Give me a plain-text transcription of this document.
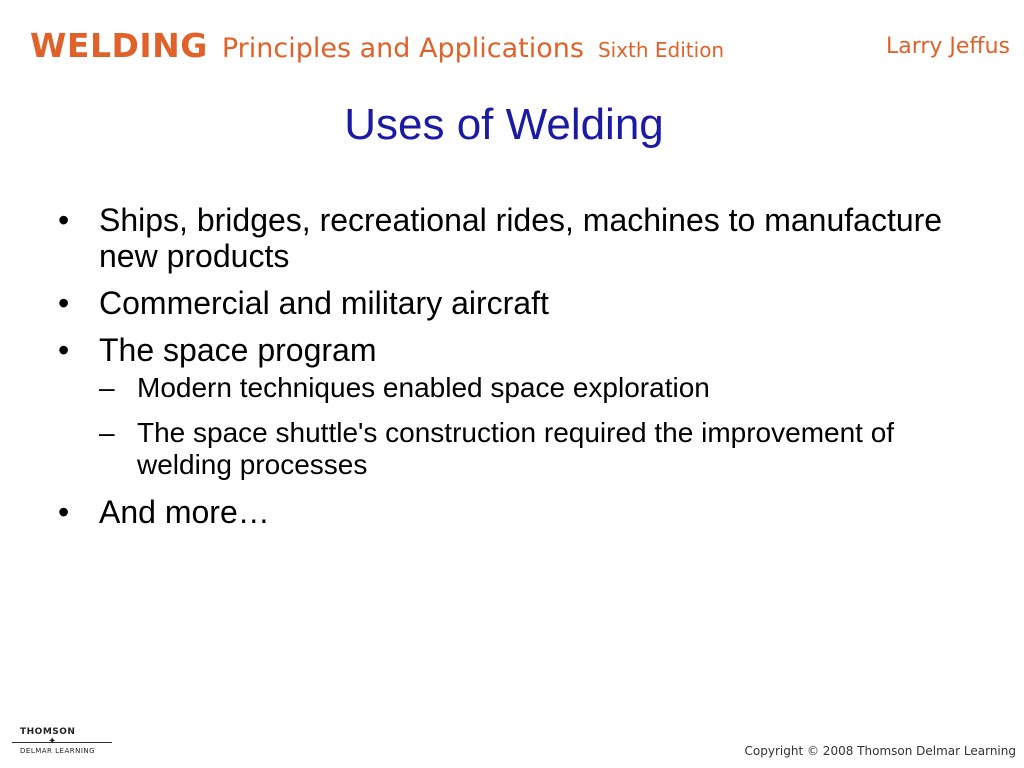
WELDING Principles and Applications Sixth Edition	Larry Jeffus
Uses of Welding
• Ships, bridges, recreational rides, machines to manufacture new products
• Commercial and military aircraft
• The space program
– Modern techniques enabled space exploration
– The space shuttle's construction required the improvement of welding processes
• And more…
THOMSON
✦
DELMAR LEARNING	Copyright © 2008 Thomson Delmar Learning
